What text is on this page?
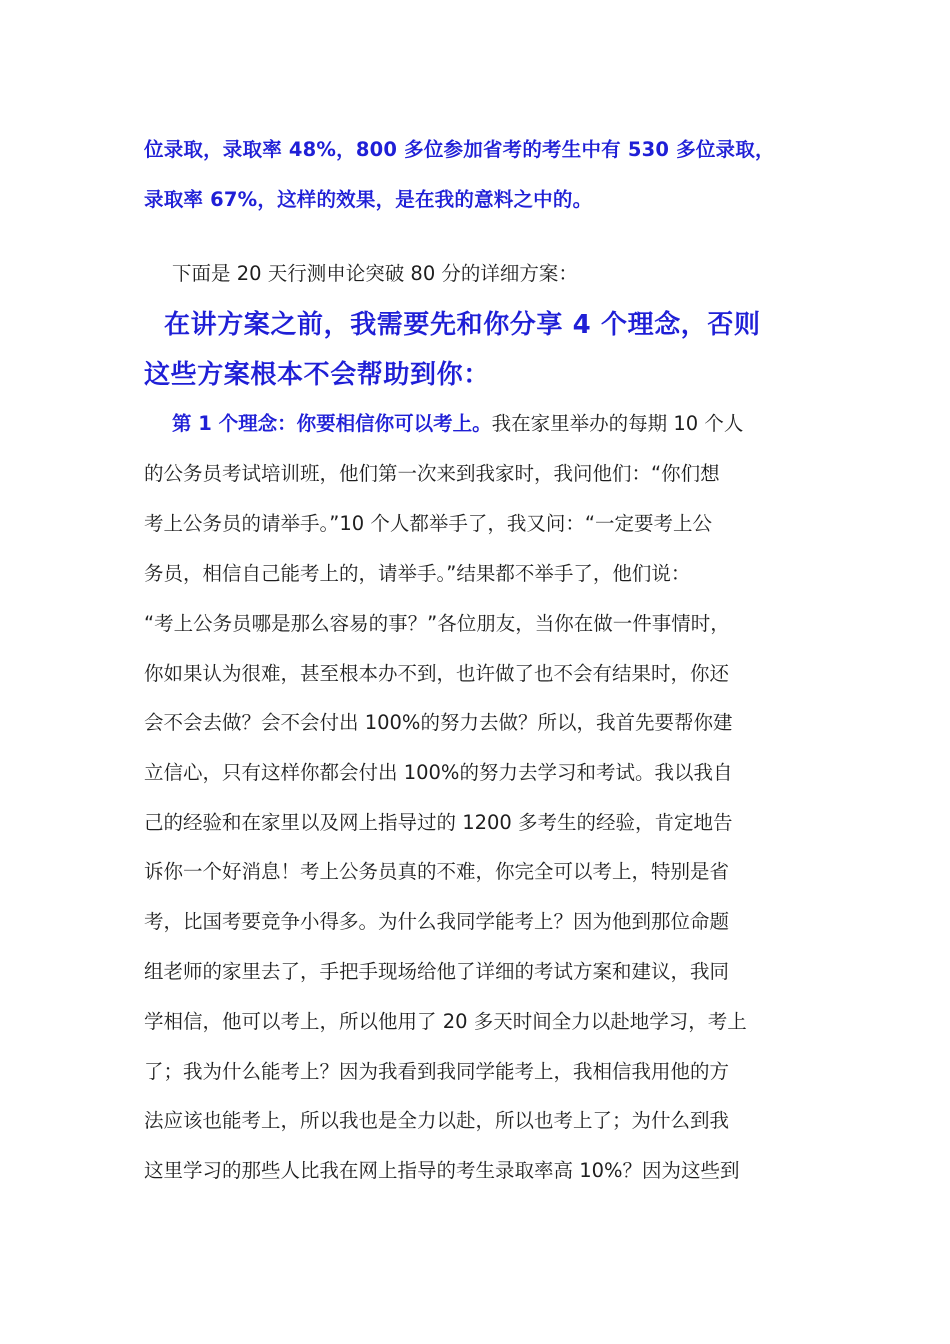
位录取，录取率 48%，800 多位参加省考的考生中有 530 多位录取，
录取率 67%，这样的效果，是在我的意料之中的。
下面是 20 天行测申论突破 80 分的详细方案：
在讲方案之前，我需要先和你分享 4 个理念，否则
这些方案根本不会帮助到你：
第 1 个理念：你要相信你可以考上。我在家里举办的每期 10 个人
的公务员考试培训班，他们第一次来到我家时，我问他们：“你们想
考上公务员的请举手。”10 个人都举手了，我又问：“一定要考上公
务员，相信自己能考上的，请举手。”结果都不举手了，他们说：
“考上公务员哪是那么容易的事？”各位朋友，当你在做一件事情时，
你如果认为很难，甚至根本办不到，也许做了也不会有结果时，你还
会不会去做？会不会付出 100%的努力去做？所以，我首先要帮你建
立信心，只有这样你都会付出 100%的努力去学习和考试。我以我自
己的经验和在家里以及网上指导过的 1200 多考生的经验，肯定地告
诉你一个好消息！考上公务员真的不难，你完全可以考上，特别是省
考，比国考要竞争小得多。为什么我同学能考上？因为他到那位命题
组老师的家里去了，手把手现场给他了详细的考试方案和建议，我同
学相信，他可以考上，所以他用了 20 多天时间全力以赴地学习，考上
了；我为什么能考上？因为我看到我同学能考上，我相信我用他的方
法应该也能考上，所以我也是全力以赴，所以也考上了；为什么到我
这里学习的那些人比我在网上指导的考生录取率高 10%？因为这些到
